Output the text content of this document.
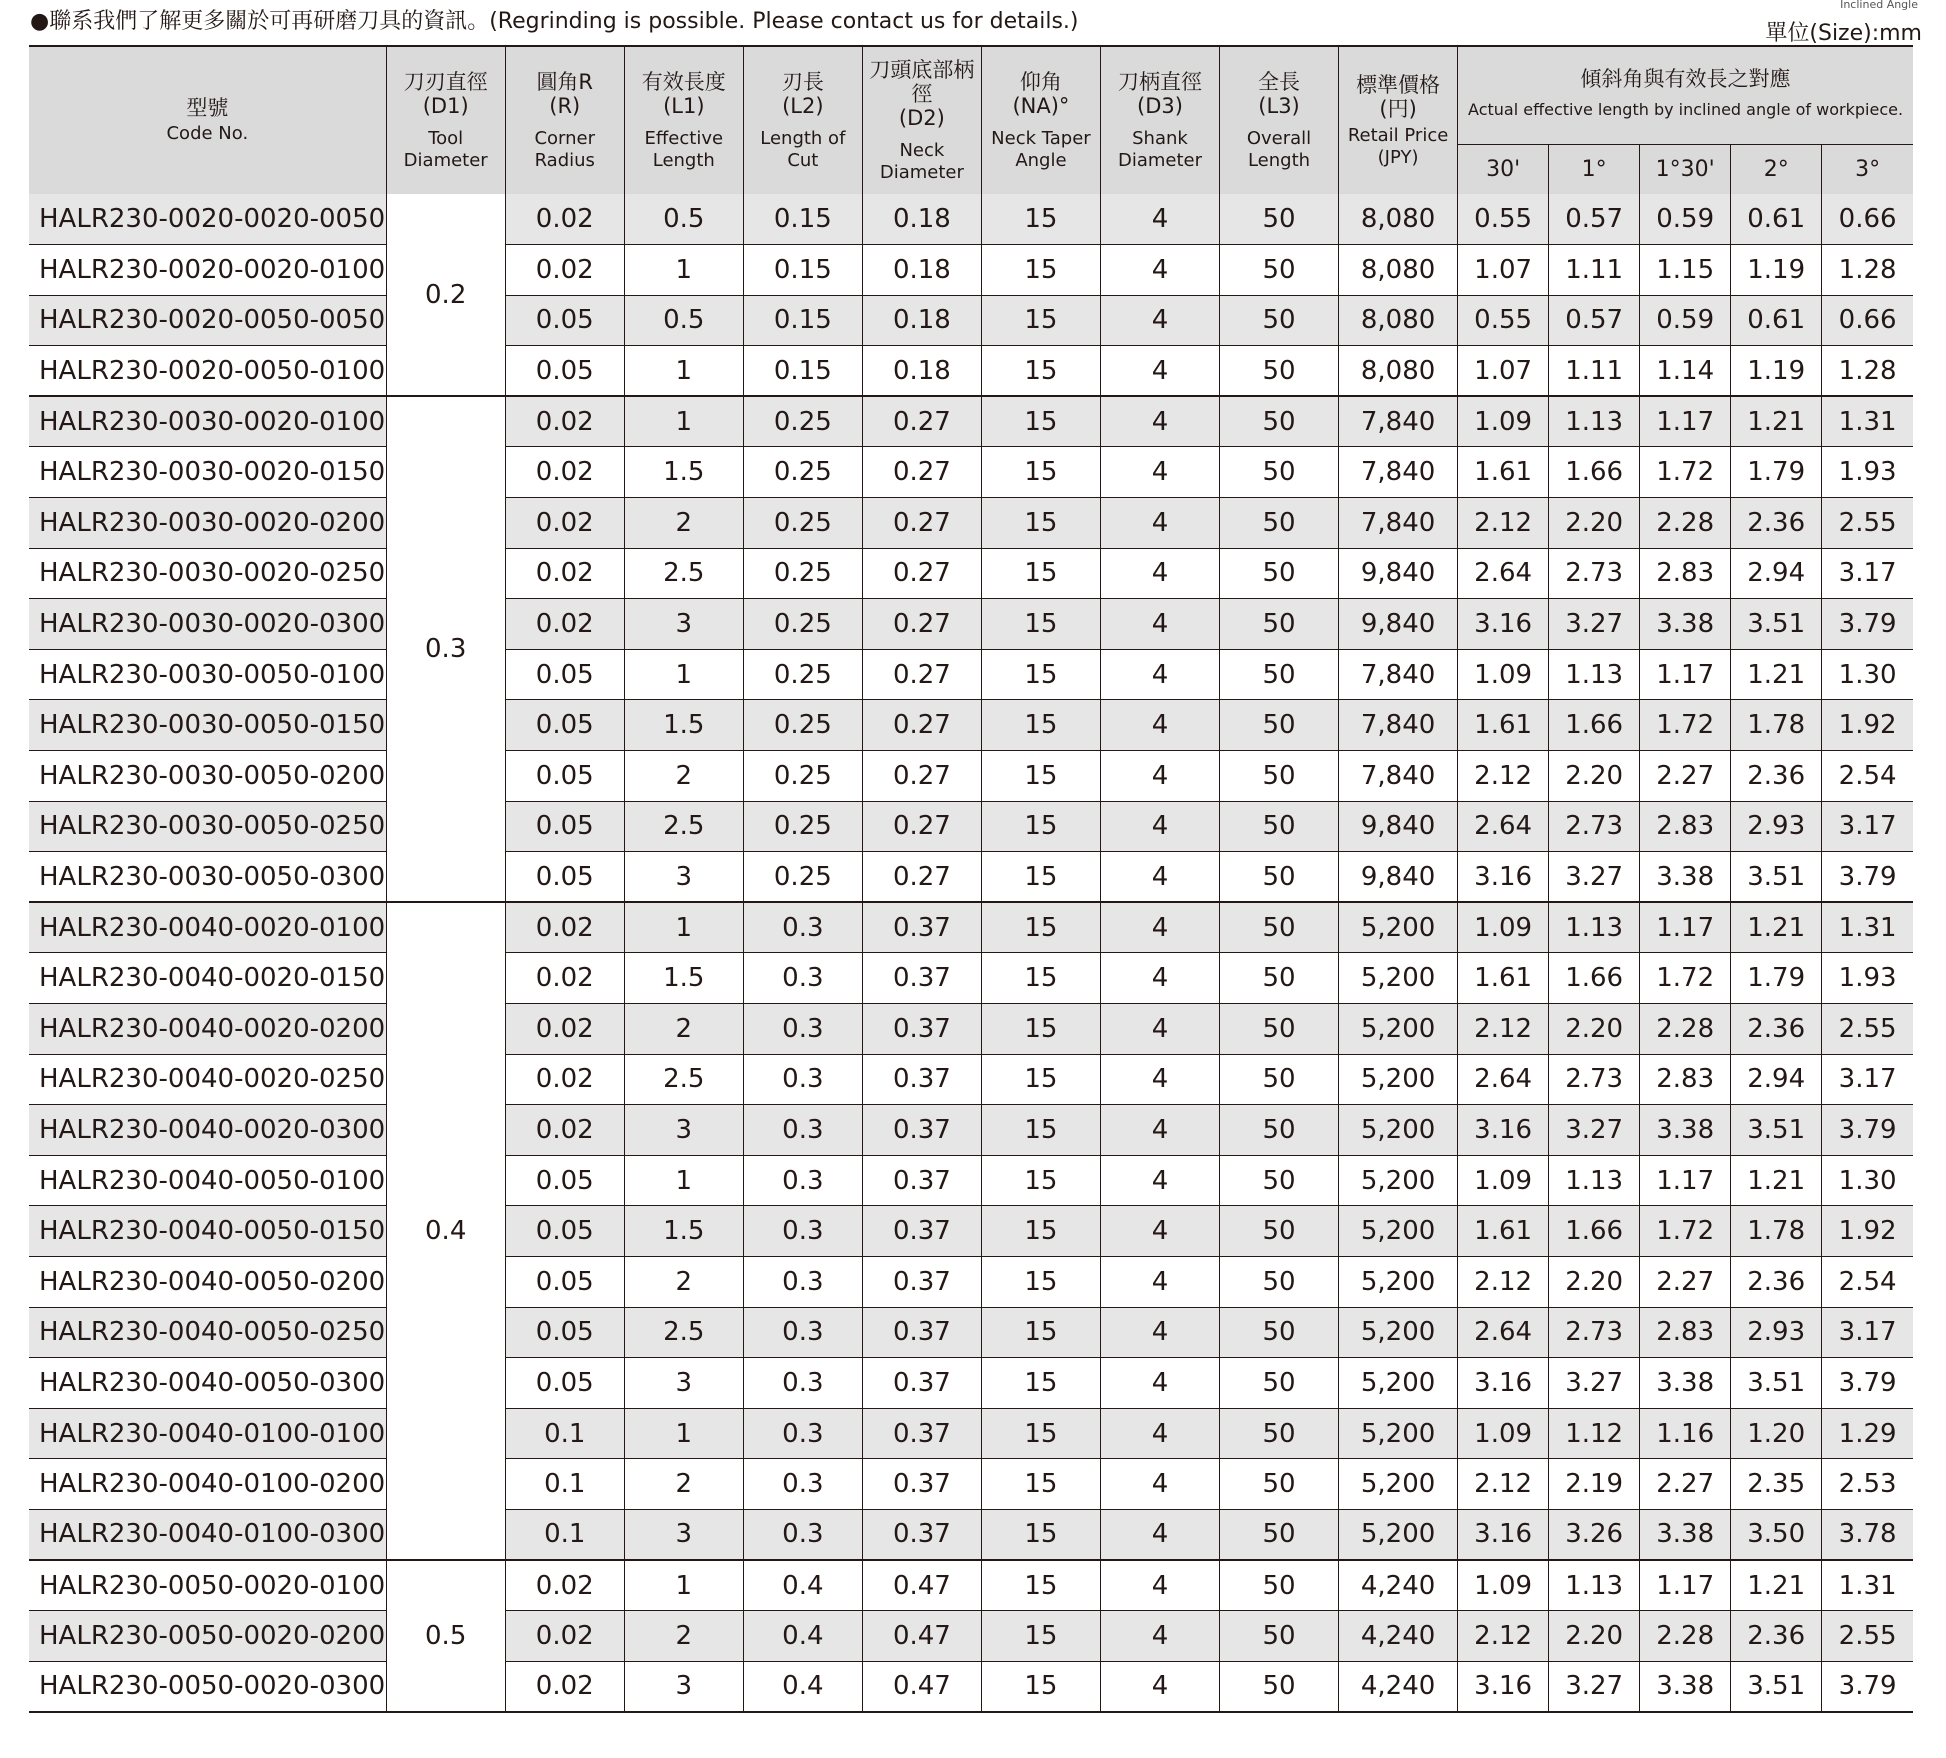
●聯系我們了解更多關於可再研磨刀具的資訊。(Regrinding is possible. Please contact us for details.)
Inclined Angle
單位(Size):mm
型號
Code No.	刀刃直徑
(D1)
Tool
Diameter	圓角R
(R)
Corner
Radius	有效長度
(L1)
Effective
Length	刃長
(L2)
Length of
Cut	刀頭底部柄徑
(D2)
Neck
Diameter	仰角
(NA)°
Neck Taper
Angle	刀柄直徑
(D3)
Shank
Diameter	全長
(L3)
Overall
Length	標準價格
(円)
Retail Price
(JPY)	傾斜角與有效長之對應
Actual effective length by inclined angle of workpiece.				

										30'	1°	1°30'	2°	3°
HALR230-0020-0020-0050	0.2	0.02	0.5	0.15	0.18	15	4	50	8,080	0.55	0.57	0.59	0.61	0.66
HALR230-0020-0020-0100		0.02	1	0.15	0.18	15	4	50	8,080	1.07	1.11	1.15	1.19	1.28
HALR230-0020-0050-0050		0.05	0.5	0.15	0.18	15	4	50	8,080	0.55	0.57	0.59	0.61	0.66
HALR230-0020-0050-0100		0.05	1	0.15	0.18	15	4	50	8,080	1.07	1.11	1.14	1.19	1.28
HALR230-0030-0020-0100	0.3	0.02	1	0.25	0.27	15	4	50	7,840	1.09	1.13	1.17	1.21	1.31
HALR230-0030-0020-0150		0.02	1.5	0.25	0.27	15	4	50	7,840	1.61	1.66	1.72	1.79	1.93
HALR230-0030-0020-0200		0.02	2	0.25	0.27	15	4	50	7,840	2.12	2.20	2.28	2.36	2.55
HALR230-0030-0020-0250		0.02	2.5	0.25	0.27	15	4	50	9,840	2.64	2.73	2.83	2.94	3.17
HALR230-0030-0020-0300		0.02	3	0.25	0.27	15	4	50	9,840	3.16	3.27	3.38	3.51	3.79
HALR230-0030-0050-0100		0.05	1	0.25	0.27	15	4	50	7,840	1.09	1.13	1.17	1.21	1.30
HALR230-0030-0050-0150		0.05	1.5	0.25	0.27	15	4	50	7,840	1.61	1.66	1.72	1.78	1.92
HALR230-0030-0050-0200		0.05	2	0.25	0.27	15	4	50	7,840	2.12	2.20	2.27	2.36	2.54
HALR230-0030-0050-0250		0.05	2.5	0.25	0.27	15	4	50	9,840	2.64	2.73	2.83	2.93	3.17
HALR230-0030-0050-0300		0.05	3	0.25	0.27	15	4	50	9,840	3.16	3.27	3.38	3.51	3.79
HALR230-0040-0020-0100	0.4	0.02	1	0.3	0.37	15	4	50	5,200	1.09	1.13	1.17	1.21	1.31
HALR230-0040-0020-0150		0.02	1.5	0.3	0.37	15	4	50	5,200	1.61	1.66	1.72	1.79	1.93
HALR230-0040-0020-0200		0.02	2	0.3	0.37	15	4	50	5,200	2.12	2.20	2.28	2.36	2.55
HALR230-0040-0020-0250		0.02	2.5	0.3	0.37	15	4	50	5,200	2.64	2.73	2.83	2.94	3.17
HALR230-0040-0020-0300		0.02	3	0.3	0.37	15	4	50	5,200	3.16	3.27	3.38	3.51	3.79
HALR230-0040-0050-0100		0.05	1	0.3	0.37	15	4	50	5,200	1.09	1.13	1.17	1.21	1.30
HALR230-0040-0050-0150		0.05	1.5	0.3	0.37	15	4	50	5,200	1.61	1.66	1.72	1.78	1.92
HALR230-0040-0050-0200		0.05	2	0.3	0.37	15	4	50	5,200	2.12	2.20	2.27	2.36	2.54
HALR230-0040-0050-0250		0.05	2.5	0.3	0.37	15	4	50	5,200	2.64	2.73	2.83	2.93	3.17
HALR230-0040-0050-0300		0.05	3	0.3	0.37	15	4	50	5,200	3.16	3.27	3.38	3.51	3.79
HALR230-0040-0100-0100		0.1	1	0.3	0.37	15	4	50	5,200	1.09	1.12	1.16	1.20	1.29
HALR230-0040-0100-0200		0.1	2	0.3	0.37	15	4	50	5,200	2.12	2.19	2.27	2.35	2.53
HALR230-0040-0100-0300		0.1	3	0.3	0.37	15	4	50	5,200	3.16	3.26	3.38	3.50	3.78
HALR230-0050-0020-0100	0.5	0.02	1	0.4	0.47	15	4	50	4,240	1.09	1.13	1.17	1.21	1.31
HALR230-0050-0020-0200		0.02	2	0.4	0.47	15	4	50	4,240	2.12	2.20	2.28	2.36	2.55
HALR230-0050-0020-0300		0.02	3	0.4	0.47	15	4	50	4,240	3.16	3.27	3.38	3.51	3.79
